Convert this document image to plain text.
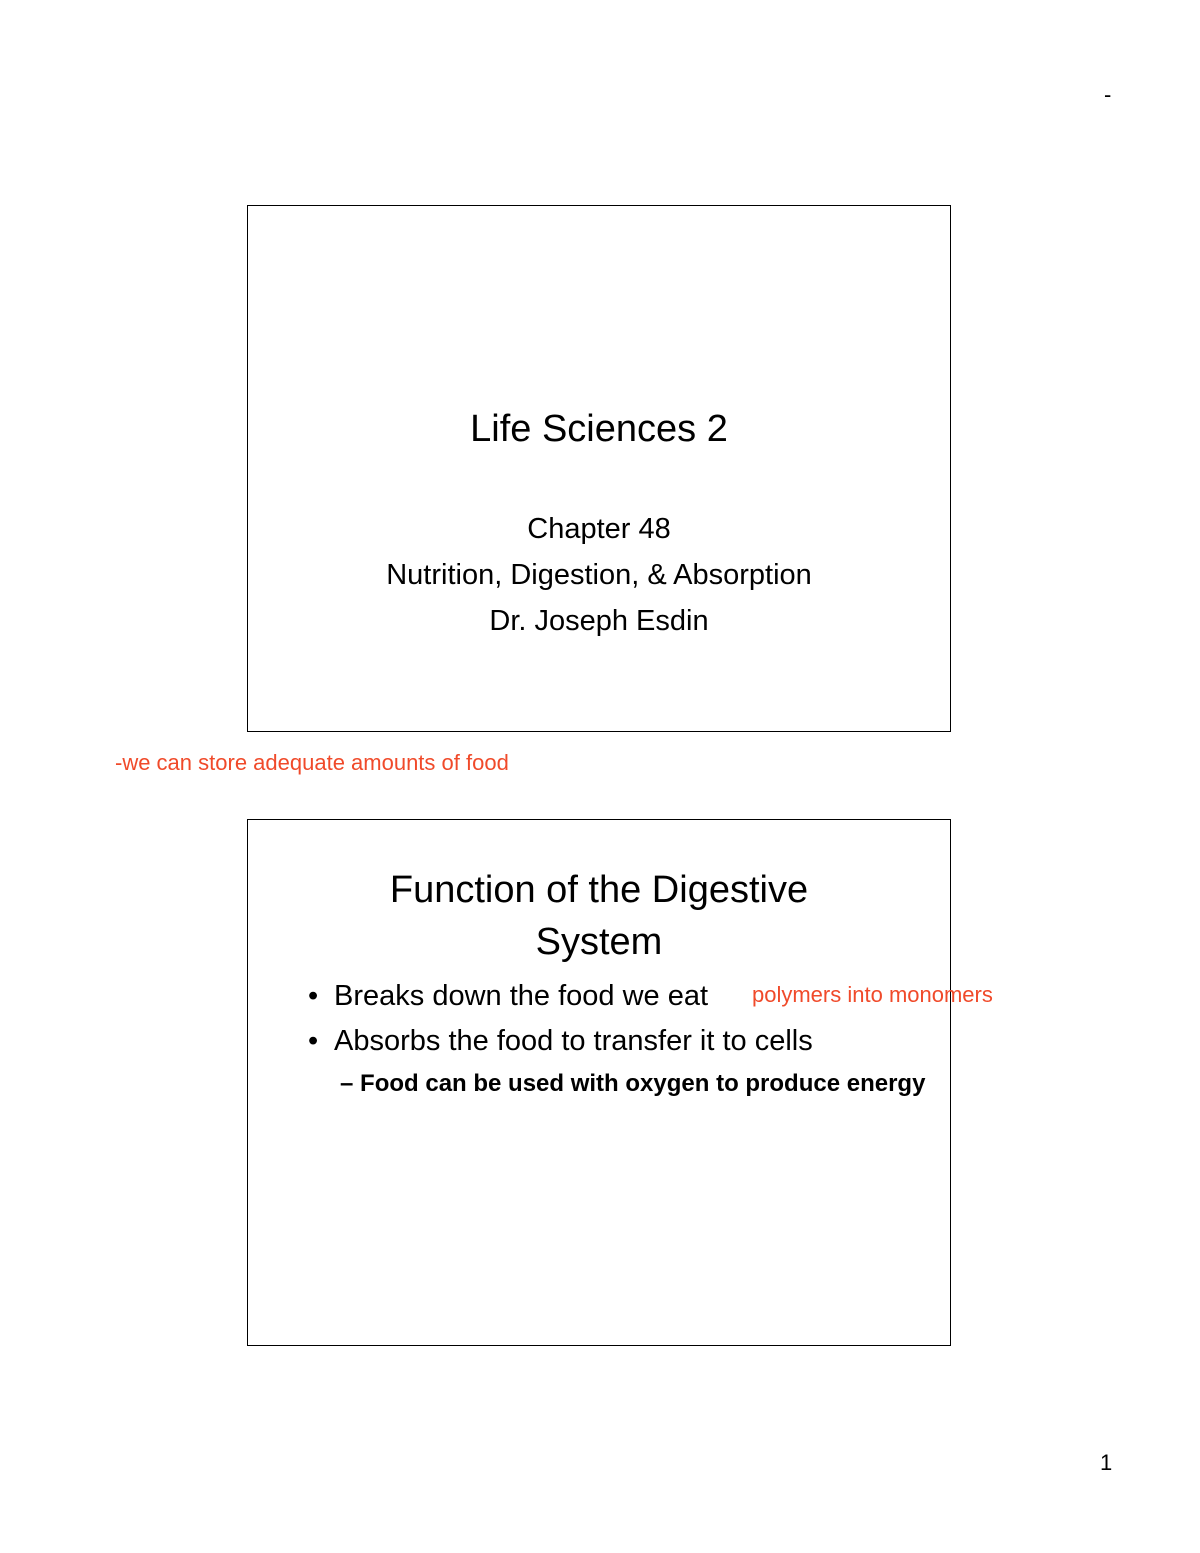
-
Life Sciences 2
Chapter 48
Nutrition, Digestion, & Absorption
Dr. Joseph Esdin
-we can store adequate amounts of food
Function of the Digestive
System
• Breaks down the food we eat
• Absorbs the food to transfer it to cells
– Food can be used with oxygen to produce energy
polymers into monomers
1
